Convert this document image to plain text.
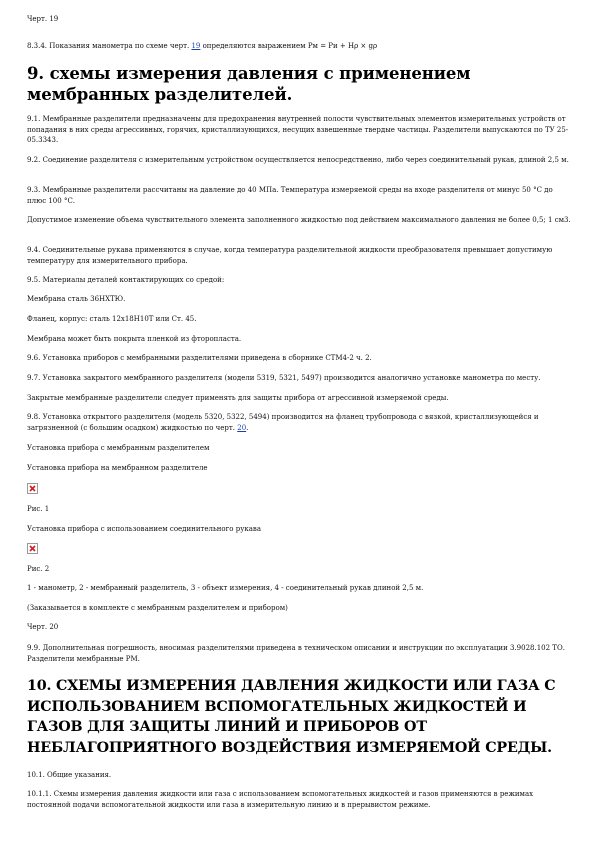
Черт. 19
8.3.4. Показания манометра по схеме черт. 19 определяются выражением Рм = Ри + Hρ × gρ
9. схемы измерения давления с применением мембранных разделителей.
9.1. Мембранные разделители предназначены для предохранения внутренней полости чувствительных элементов измерительных устройств от попадания в них среды агрессивных, горячих, кристаллизующихся, несущих взвешенные твердые частицы. Разделители выпускаются по ТУ 25-05.3343.
9.2. Соединение разделителя с измерительным устройством осуществляется непосредственно, либо через соединительный рукав, длиной 2,5 м.
9.3. Мембранные разделители рассчитаны на давление до 40 МПа. Температура измеряемой среды на входе разделителя от минус 50 °С до плюс 100 °С.
Допустимое изменение объема чувствительного элемента заполненного жидкостью под действием максимального давления не более 0,5; 1 см3.
9.4. Соединительные рукава применяются в случае, когда температура разделительной жидкости преобразователя превышает допустимую температуру для измерительного прибора.
9.5. Материалы деталей контактирующих со средой:
Мембрана сталь 36НХТЮ.
Фланец, корпус: сталь 12х18Н10Т или Ст. 45.
Мембрана может быть покрыта пленкой из фторопласта.
9.6. Установка приборов с мембранными разделителями приведена в сборнике СТМ4-2 ч. 2.
9.7. Установка закрытого мембранного разделителя (модели 5319, 5321, 5497) производится аналогично установке манометра по месту.
Закрытые мембранные разделители следует применять для защиты прибора от агрессивной измеряемой среды.
9.8. Установка открытого разделителя (модель 5320, 5322, 5494) производится на фланец трубопровода с вязкой, кристаллизующейся и загрязненной (с большим осадком) жидкостью по черт. 20.
Установка прибора с мембранным разделителем
Установка прибора на мембранном разделителе
Рис. 1
Установка прибора с использованием соединительного рукава
Рис. 2
1 - манометр, 2 - мембранный разделитель, 3 - объект измерения, 4 - соединительный рукав длиной 2,5 м.
(Заказывается в комплекте с мембранным разделителем и прибором)
Черт. 20
9.9. Дополнительная погрешность, вносимая разделителями приведена в техническом описании и инструкции по эксплуатации 3.9028.102 ТО. Разделители мембранные РМ.
10. СХЕМЫ ИЗМЕРЕНИЯ ДАВЛЕНИЯ ЖИДКОСТИ ИЛИ ГАЗА С ИСПОЛЬЗОВАНИЕМ ВСПОМОГАТЕЛЬНЫХ ЖИДКОСТЕЙ И ГАЗОВ ДЛЯ ЗАЩИТЫ ЛИНИЙ И ПРИБОРОВ ОТ НЕБЛАГОПРИЯТНОГО ВОЗДЕЙСТВИЯ ИЗМЕРЯЕМОЙ СРЕДЫ.
10.1. Общие указания.
10.1.1. Схемы измерения давления жидкости или газа с использованием вспомогательных жидкостей и газов применяются в режимах постоянной подачи вспомогательной жидкости или газа в измерительную линию и в прерывистом режиме.
